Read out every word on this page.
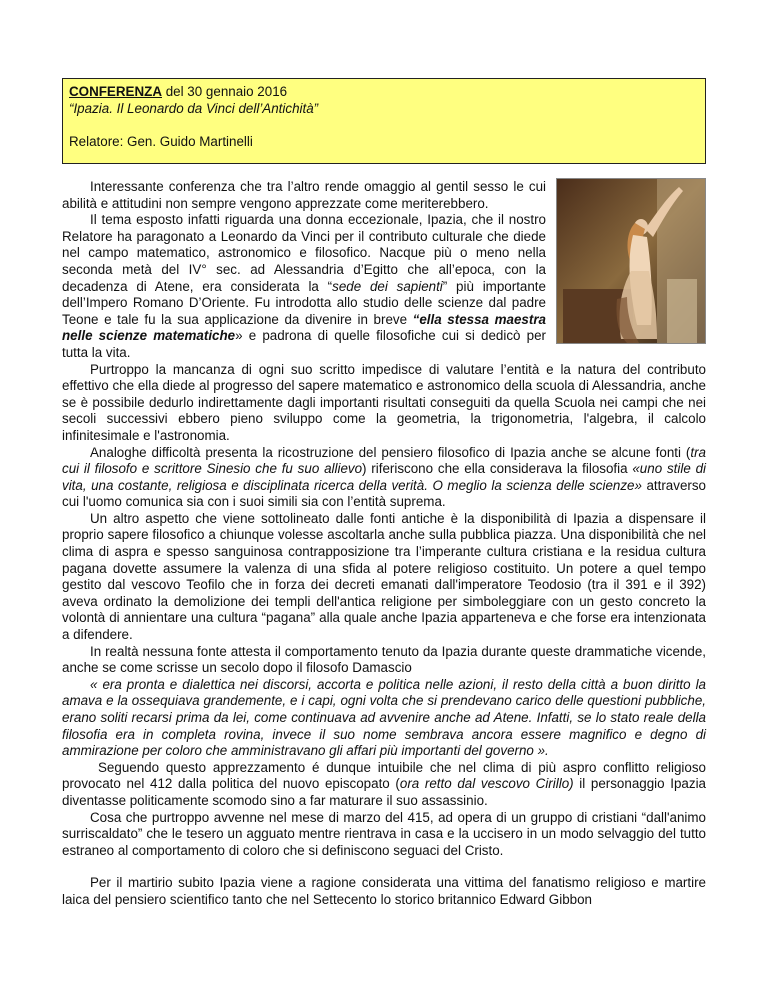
CONFERENZA del 30 gennaio 2016
“Ipazia. Il Leonardo da Vinci dell’Antichità”
Relatore: Gen. Guido Martinelli

Interessante conferenza che tra l’altro rende omaggio al gentil sesso le cui abilità e attitudini non sempre vengono apprezzate come meriterebbero.

Il tema esposto infatti riguarda una donna eccezionale, Ipazia, che il nostro Relatore ha paragonato a Leonardo da Vinci per il contributo culturale che diede nel campo matematico, astronomico e filosofico. Nacque più o meno nella seconda metà del IV° sec. ad Alessandria d’Egitto che all’epoca, con la decadenza di Atene, era considerata la “sede dei sapienti” più importante dell’Impero Romano D’Oriente. Fu introdotta allo studio delle scienze dal padre Teone e tale fu la sua applicazione da divenire in breve “ella stessa maestra nelle scienze matematiche» e padrona di quelle filosofiche cui si dedicò per tutta la vita.

Purtroppo la mancanza di ogni suo scritto impedisce di valutare l’entità e la natura del contributo effettivo che ella diede al progresso del sapere matematico e astronomico della scuola di Alessandria, anche se è possibile dedurlo indirettamente dagli importanti risultati conseguiti da quella Scuola nei campi che nei secoli successivi ebbero pieno sviluppo come la geometria, la trigonometria, l'algebra, il calcolo infinitesimale e l'astronomia.

Analoghe difficoltà presenta la ricostruzione del pensiero filosofico di Ipazia anche se alcune fonti (tra cui il filosofo e scrittore Sinesio che fu suo allievo) riferiscono che ella considerava la filosofia «uno stile di vita, una costante, religiosa e disciplinata ricerca della verità. O meglio la scienza delle scienze» attraverso cui l'uomo comunica sia con i suoi simili sia con l’entità suprema.

Un altro aspetto che viene sottolineato dalle fonti antiche è la disponibilità di Ipazia a dispensare il proprio sapere filosofico a chiunque volesse ascoltarla anche sulla pubblica piazza. Una disponibilità che nel clima di aspra e spesso sanguinosa contrapposizione tra l’imperante cultura cristiana e la residua cultura pagana dovette assumere la valenza di una sfida al potere religioso costituito. Un potere a quel tempo gestito dal vescovo Teofilo che in forza dei decreti emanati dall'imperatore Teodosio (tra il 391 e il 392) aveva ordinato la demolizione dei templi dell'antica religione per simboleggiare con un gesto concreto la volontà di annientare una cultura “pagana” alla quale anche Ipazia apparteneva e che forse era intenzionata a difendere.

In realtà nessuna fonte attesta il comportamento tenuto da Ipazia durante queste drammatiche vicende, anche se come scrisse un secolo dopo il filosofo Damascio

« era pronta e dialettica nei discorsi, accorta e politica nelle azioni, il resto della città a buon diritto la amava e la ossequiava grandemente, e i capi, ogni volta che si prendevano carico delle questioni pubbliche, erano soliti recarsi prima da lei, come continuava ad avvenire anche ad Atene. Infatti, se lo stato reale della filosofia era in completa rovina, invece il suo nome sembrava ancora essere magnifico e degno di ammirazione per coloro che amministravano gli affari più importanti del governo ».

Seguendo questo apprezzamento é dunque intuibile che nel clima di più aspro conflitto religioso provocato nel 412 dalla politica del nuovo episcopato (ora retto dal vescovo Cirillo) il personaggio Ipazia diventasse politicamente scomodo sino a far maturare il suo assassinio.

Cosa che purtroppo avvenne nel mese di marzo del 415, ad opera di un gruppo di cristiani “dall'animo surriscaldato” che le tesero un agguato mentre rientrava in casa e la uccisero in un modo selvaggio del tutto estraneo al comportamento di coloro che si definiscono seguaci del Cristo.

Per il martirio subito Ipazia viene a ragione considerata una vittima del fanatismo religioso e martire laica del pensiero scientifico tanto che nel Settecento lo storico britannico Edward Gibbon
